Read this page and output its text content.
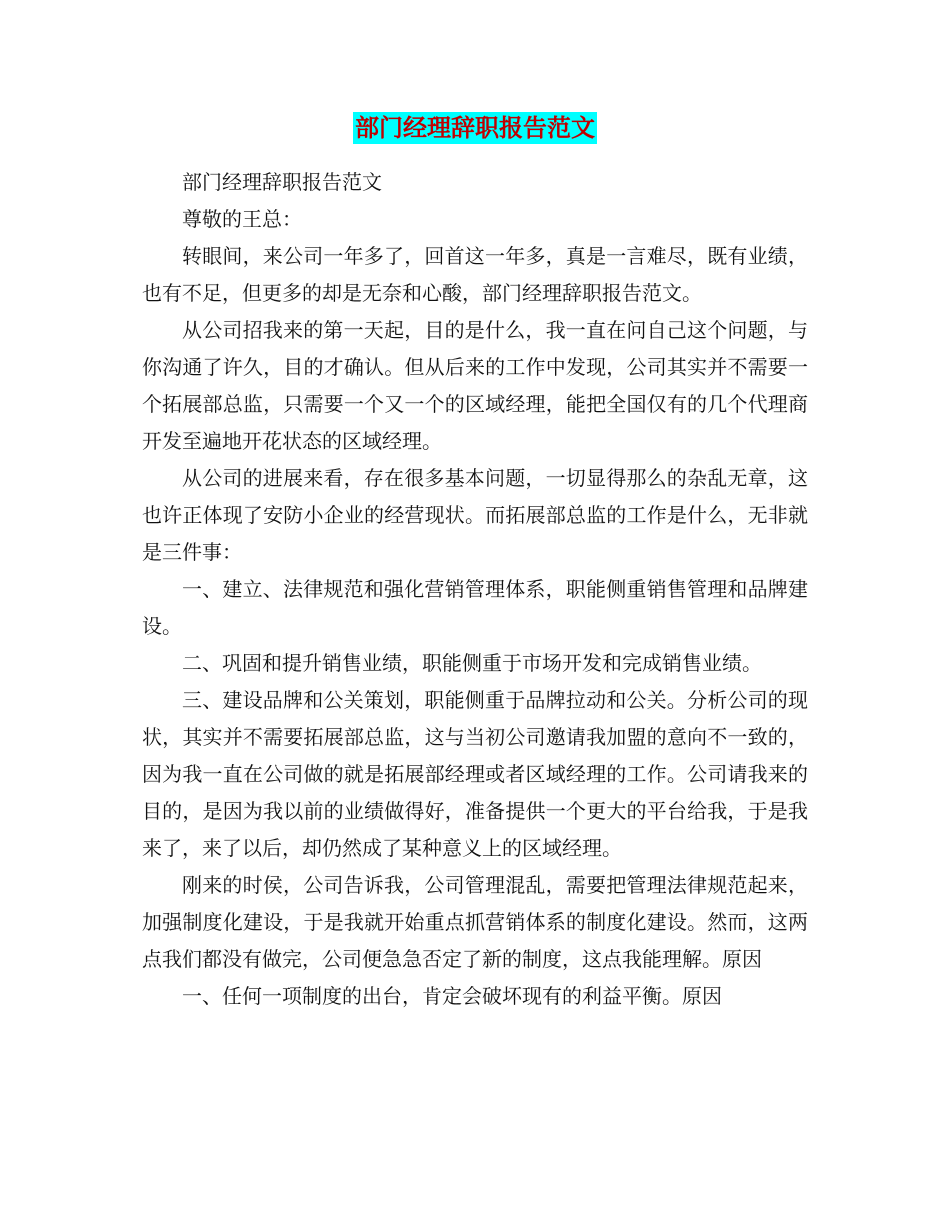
部门经理辞职报告范文

部门经理辞职报告范文

尊敬的王总：

转眼间，来公司一年多了，回首这一年多，真是一言难尽，既有业绩，也有不足，但更多的却是无奈和心酸，部门经理辞职报告范文。

从公司招我来的第一天起，目的是什么，我一直在问自己这个问题，与你沟通了许久，目的才确认。但从后来的工作中发现，公司其实并不需要一个拓展部总监，只需要一个又一个的区域经理，能把全国仅有的几个代理商开发至遍地开花状态的区域经理。

从公司的进展来看，存在很多基本问题，一切显得那么的杂乱无章，这也许正体现了安防小企业的经营现状。而拓展部总监的工作是什么，无非就是三件事：

一、建立、法律规范和强化营销管理体系，职能侧重销售管理和品牌建设。

二、巩固和提升销售业绩，职能侧重于市场开发和完成销售业绩。

三、建设品牌和公关策划，职能侧重于品牌拉动和公关。分析公司的现状，其实并不需要拓展部总监，这与当初公司邀请我加盟的意向不一致的，因为我一直在公司做的就是拓展部经理或者区域经理的工作。公司请我来的目的，是因为我以前的业绩做得好，准备提供一个更大的平台给我，于是我来了，来了以后，却仍然成了某种意义上的区域经理。

刚来的时侯，公司告诉我，公司管理混乱，需要把管理法律规范起来，加强制度化建设，于是我就开始重点抓营销体系的制度化建设。然而，这两点我们都没有做完，公司便急急否定了新的制度，这点我能理解。原因

一、任何一项制度的出台，肯定会破坏现有的利益平衡。原因
